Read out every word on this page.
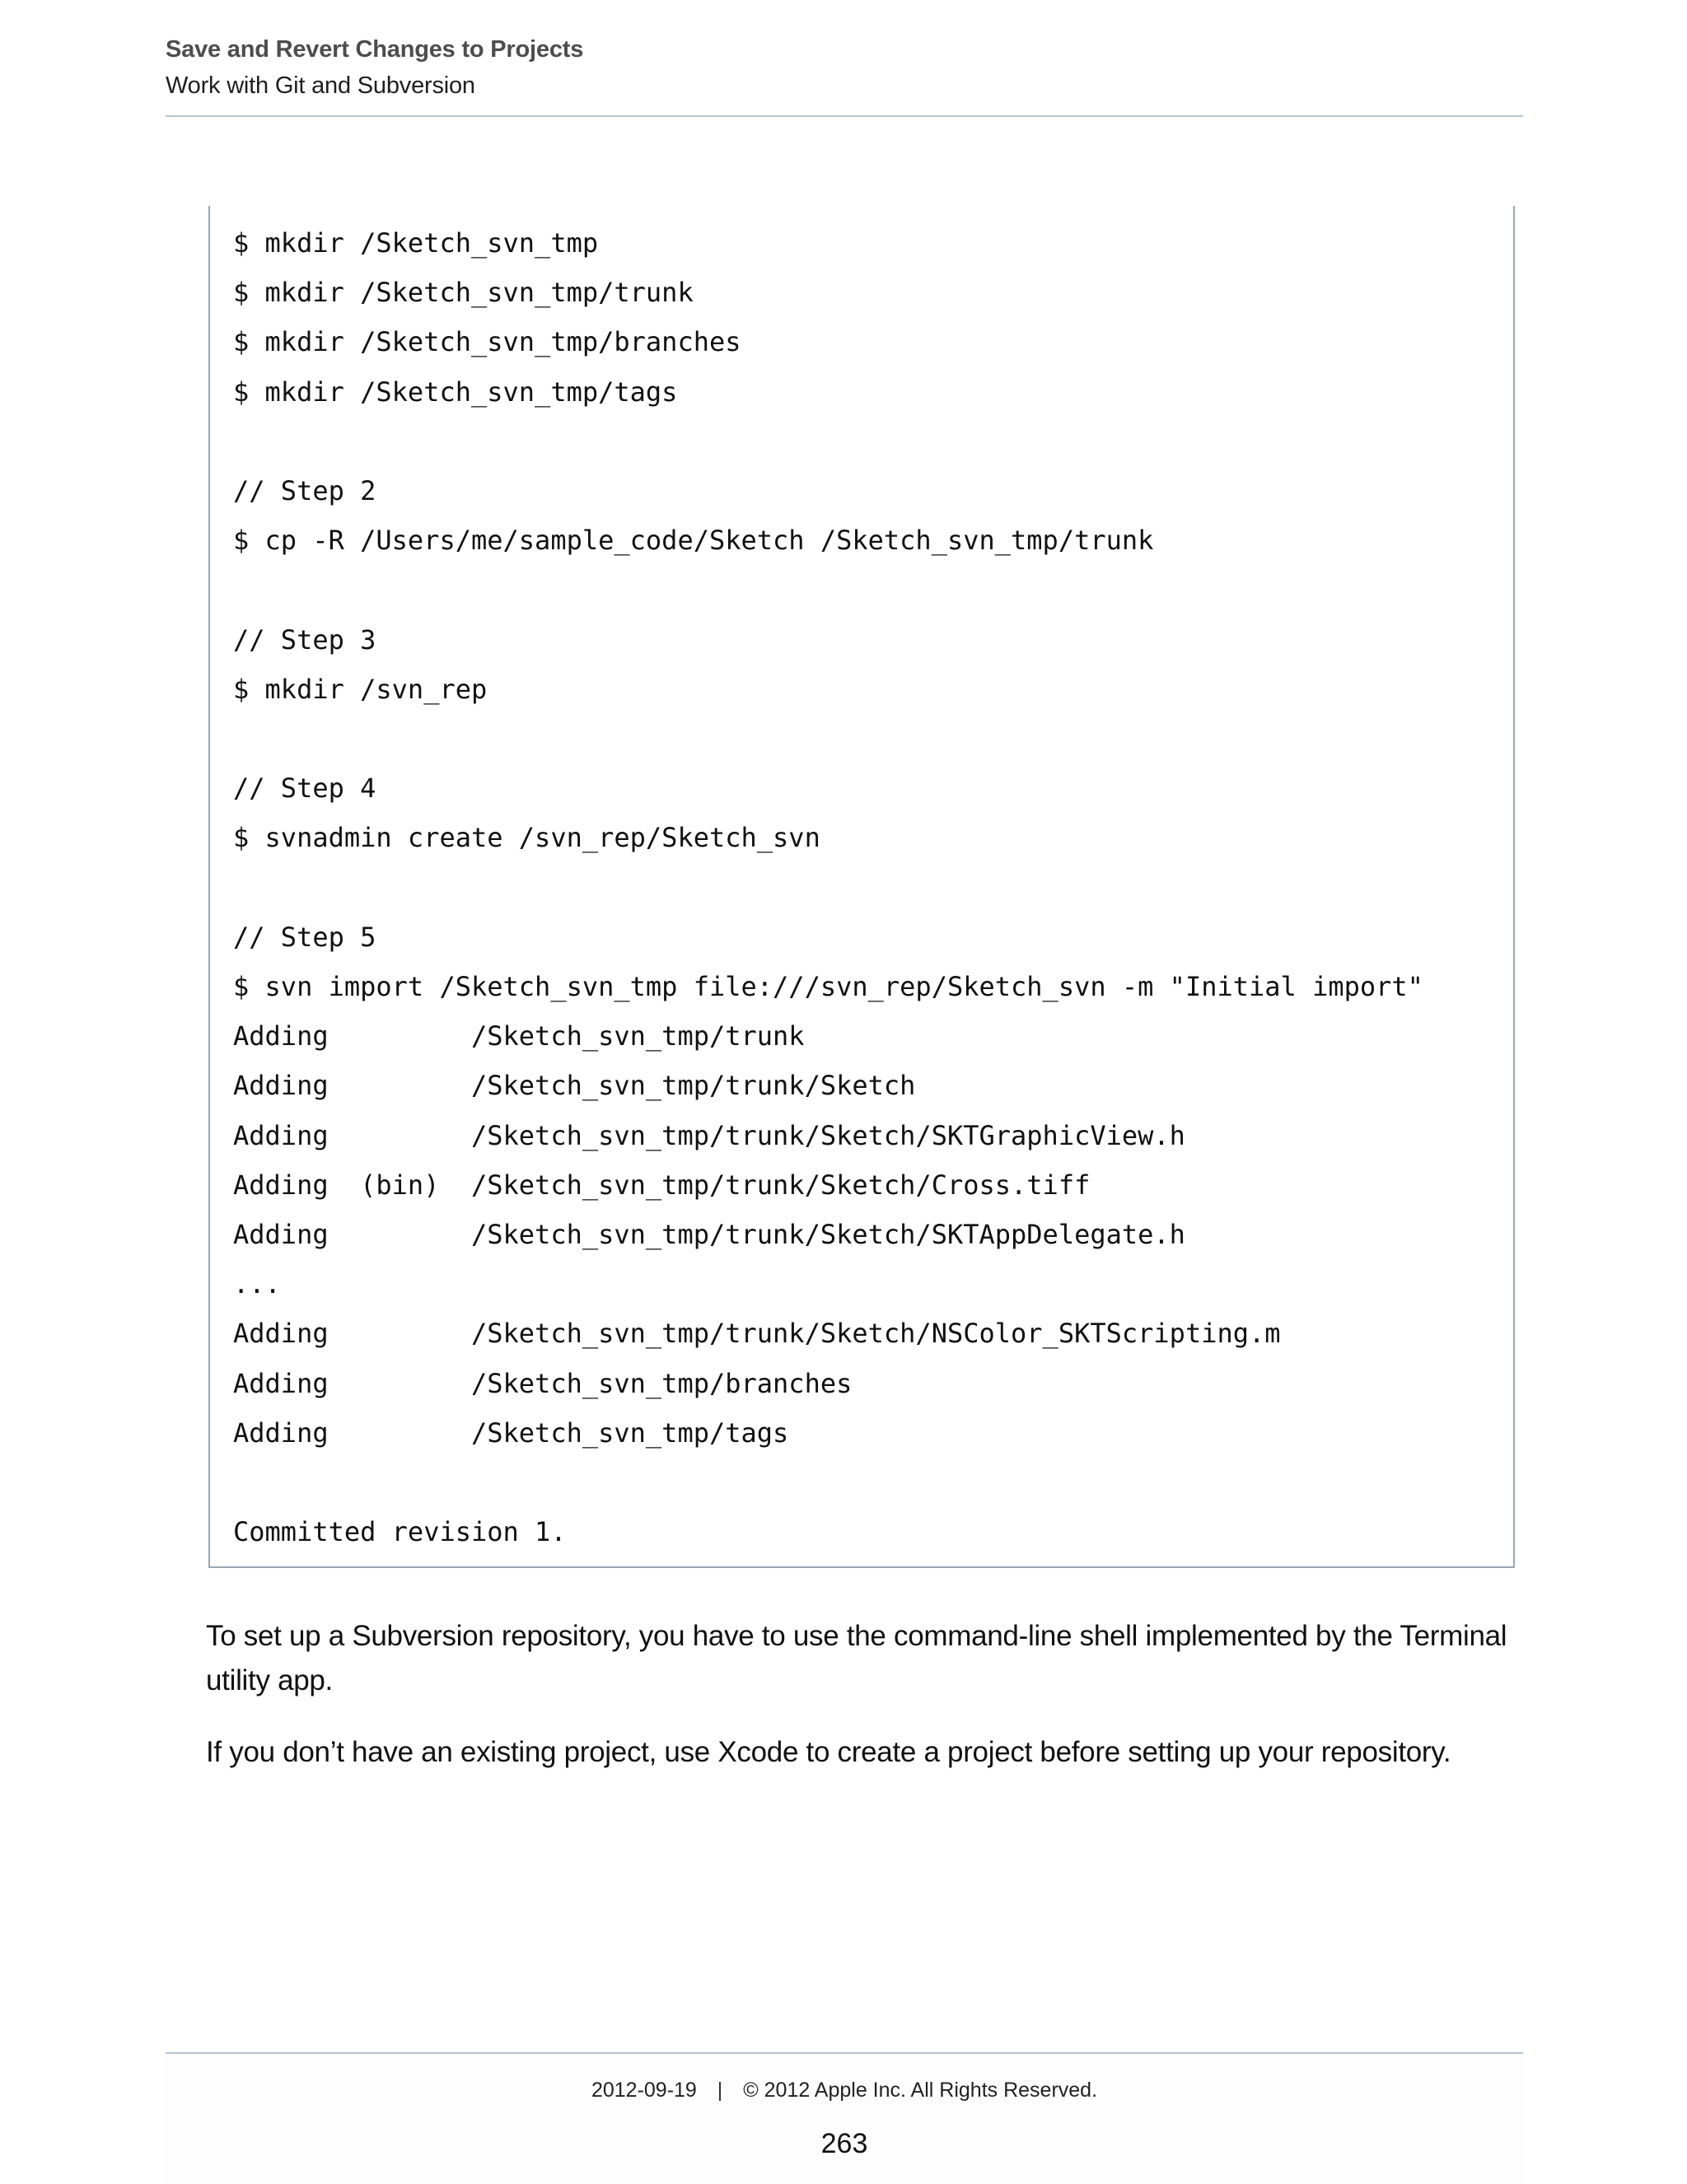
Save and Revert Changes to Projects
Work with Git and Subversion
$ mkdir /Sketch_svn_tmp
$ mkdir /Sketch_svn_tmp/trunk
$ mkdir /Sketch_svn_tmp/branches
$ mkdir /Sketch_svn_tmp/tags
// Step 2
$ cp -R /Users/me/sample_code/Sketch /Sketch_svn_tmp/trunk
// Step 3
$ mkdir /svn_rep
// Step 4
$ svnadmin create /svn_rep/Sketch_svn
// Step 5
$ svn import /Sketch_svn_tmp file:///svn_rep/Sketch_svn -m "Initial import"
Adding         /Sketch_svn_tmp/trunk
Adding         /Sketch_svn_tmp/trunk/Sketch
Adding         /Sketch_svn_tmp/trunk/Sketch/SKTGraphicView.h
Adding  (bin)  /Sketch_svn_tmp/trunk/Sketch/Cross.tiff
Adding         /Sketch_svn_tmp/trunk/Sketch/SKTAppDelegate.h
...
Adding         /Sketch_svn_tmp/trunk/Sketch/NSColor_SKTScripting.m
Adding         /Sketch_svn_tmp/branches
Adding         /Sketch_svn_tmp/tags
Committed revision 1.
To set up a Subversion repository, you have to use the command-line shell implemented by the Terminal utility app.
If you don’t have an existing project, use Xcode to create a project before setting up your repository.
2012-09-19 | © 2012 Apple Inc. All Rights Reserved.
263
